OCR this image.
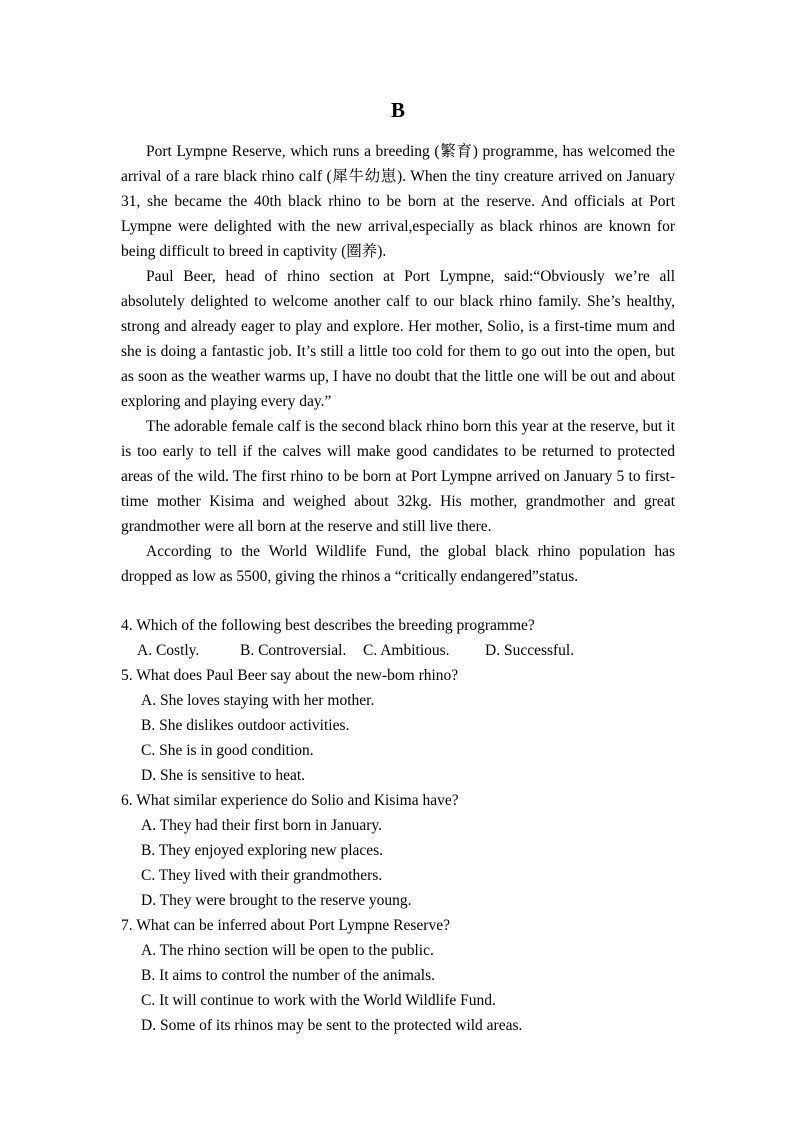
B

Port Lympne Reserve, which runs a breeding (繁育) programme, has welcomed the arrival of a rare black rhino calf (犀牛幼崽). When the tiny creature arrived on January 31, she became the 40th black rhino to be born at the reserve. And officials at Port Lympne were delighted with the new arrival,especially as black rhinos are known for being difficult to breed in captivity (圈养).

Paul Beer, head of rhino section at Port Lympne, said:“Obviously we’re all absolutely delighted to welcome another calf to our black rhino family. She’s healthy, strong and already eager to play and explore. Her mother, Solio, is a first-time mum and she is doing a fantastic job. It’s still a little too cold for them to go out into the open, but as soon as the weather warms up, I have no doubt that the little one will be out and about exploring and playing every day.”

The adorable female calf is the second black rhino born this year at the reserve, but it is too early to tell if the calves will make good candidates to be returned to protected areas of the wild. The first rhino to be born at Port Lympne arrived on January 5 to first-time mother Kisima and weighed about 32kg. His mother, grandmother and great grandmother were all born at the reserve and still live there.

According to the World Wildlife Fund, the global black rhino population has dropped as low as 5500, giving the rhinos a “critically endangered”status.

4. Which of the following best describes the breeding programme?
A. Costly.	B. Controversial. C. Ambitious. D. Successful.
5. What does Paul Beer say about the new-bom rhino?
A. She loves staying with her mother.
B. She dislikes outdoor activities.
C. She is in good condition.
D. She is sensitive to heat.
6. What similar experience do Solio and Kisima have?
A. They had their first born in January.
B. They enjoyed exploring new places.
C. They lived with their grandmothers.
D. They were brought to the reserve young.
7. What can be inferred about Port Lympne Reserve?
A. The rhino section will be open to the public.
B. It aims to control the number of the animals.
C. It will continue to work with the World Wildlife Fund.
D. Some of its rhinos may be sent to the protected wild areas.
